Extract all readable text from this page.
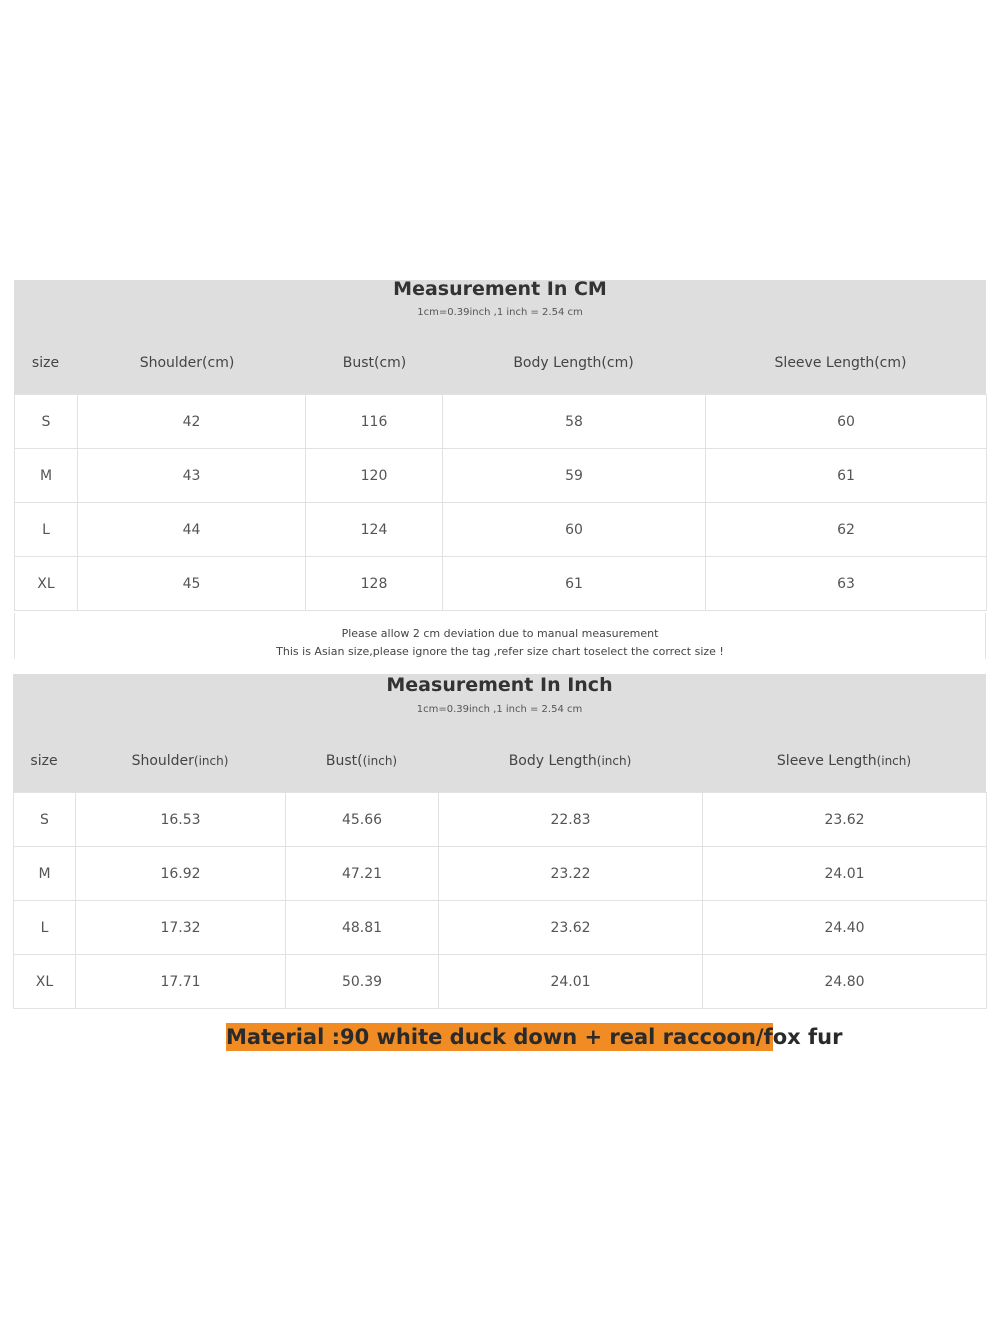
Measurement In CM
1cm=0.39inch ,1 inch = 2.54 cm
size	Shoulder(cm)	Bust(cm)	Body Length(cm)	Sleeve Length(cm)
S	42	116	58	60
M	43	120	59	61
L	44	124	60	62
XL	45	128	61	63
Please allow 2 cm deviation due to manual measurement
This is Asian size,please ignore the tag ,refer size chart toselect the correct size !
Measurement In Inch
1cm=0.39inch ,1 inch = 2.54 cm
size	Shoulder(inch)	Bust((inch)	Body Length(inch)	Sleeve Length(inch)
S	16.53	45.66	22.83	23.62
M	16.92	47.21	23.22	24.01
L	17.32	48.81	23.62	24.40
XL	17.71	50.39	24.01	24.80
Material :90 white duck down + real raccoon/fox fur
